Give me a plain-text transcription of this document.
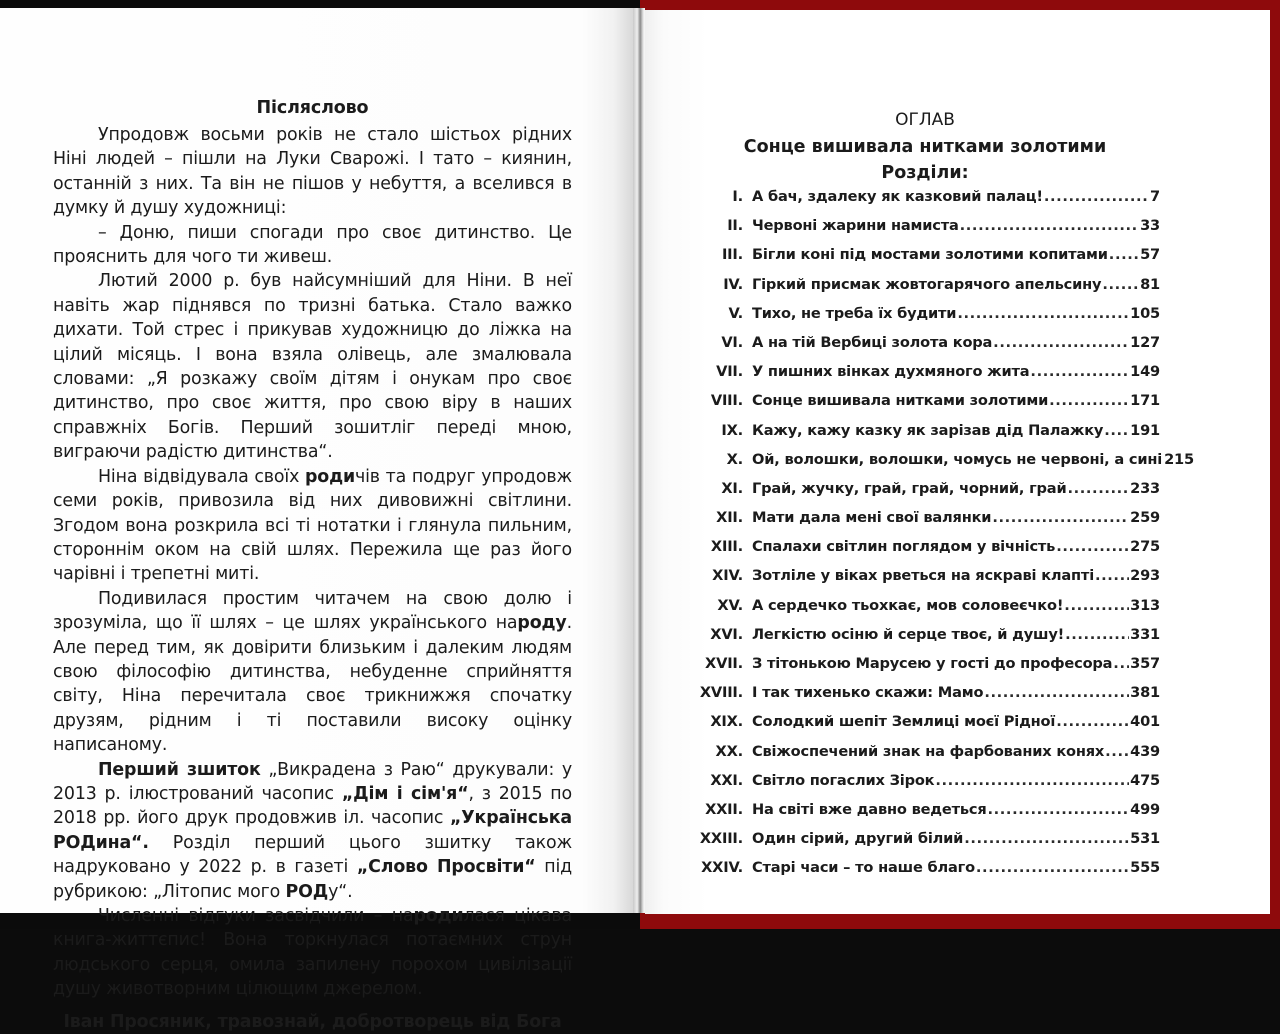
Післяслово

Упродовж восьми років не стало шістьох рідних Ніні людей – пішли на Луки Сварожі. І тато – киянин, останній з них. Та він не пішов у небуття, а вселився в думку й душу художниці:

– Доню, пиши спогади про своє дитинство. Це прояснить для чого ти живеш.

Лютий 2000 р. був найсумніший для Ніни. В неї навіть жар піднявся по тризні батька. Стало важко дихати. Той стрес і прикував художницю до ліжка на цілий місяць. І вона взяла олівець, але змалювала словами: „Я розкажу своїм дітям і онукам про своє дитинство, про своє життя, про свою віру в наших справжніх Богів. Перший зошитліг переді мною, виграючи радістю дитинства“.

Ніна відвідувала своїх родичів та подруг упродовж семи років, привозила від них дивовижні світлини. Згодом вона розкрила всі ті нотатки і глянула пильним, стороннім оком на свій шлях. Пережила ще раз його чарівні і трепетні миті.

Подивилася простим читачем на свою долю і зрозуміла, що її шлях – це шлях українського народу. Але перед тим, як довірити близьким і далеким людям свою філософію дитинства, небуденне сприйняття світу, Ніна перечитала своє трикнижжя спочатку друзям, рідним і ті поставили високу оцінку написаному.

Перший зшиток „Викрадена з Раю“ друкували: у 2013 р. ілюстрований часопис „Дім і сім'я“, з 2015 по 2018 рр. його друк продовжив іл. часопис „Українська РОДина“. Розділ перший цього зшитку також надруковано у 2022 р. в газеті „Слово Просвіти“ під рубрикою: „Літопис мого РОДу“.

Численні відгуки засвідчили – народилася цікава книга-життєпис! Вона торкнулася потаємних струн людського серця, омила запилену порохом цивілізації душу животворним цілющим джерелом.

Іван Просяник, травознай, добротворець від Бога

ОГЛАВ
Сонце вишивала нитками золотими
Розділи:
I. А бач, здалеку як казковий палац! .....	7
II. Червоні жарини намиста .....	33
III. Бігли коні під мостами золотими копитами ..... 57
IV. Гіркий присмак жовтогарячого апельсину .....	81
V. Тихо, не треба їх будити .....	105
VI. А на тій Вербиці золота кора .....	127
VII. У пишних вінках духмяного жита .....	149
VIII. Сонце вишивала нитками золотими .....	171
IX. Кажу, кажу казку як зарізав дід Палажку ..... 191
X. Ой, волошки, волошки, чомусь не червоні, а сині 215
XI. Грай, жучку, грай, грай, чорний, грай .....	233
XII. Мати дала мені свої валянки .....	259
XIII. Спалахи світлин поглядом у вічність .....	275
XIV. Зотліле у віках рветься на яскраві клапті ..... 293
XV. А сердечко тьохкає, мов соловеєчко! .....	313
XVI. Легкістю осіню й серце твоє, й душу! .....	331
XVII. З тітонькою Марусею у гості до професора ..... 357
XVIII. І так тихенько скажи: Мамо .....	381
XIX. Солодкий шепіт Землиці моєї Рідної .....	401
XX. Свіжоспечений знак на фарбованих конях ..... 439
XXI. Світло погаслих Зірок .....	475
XXII. На світі вже давно ведеться .....	499
XXIII. Один сірий, другий білий .....	531
XXIV. Старі часи – то наше благо .....	555
